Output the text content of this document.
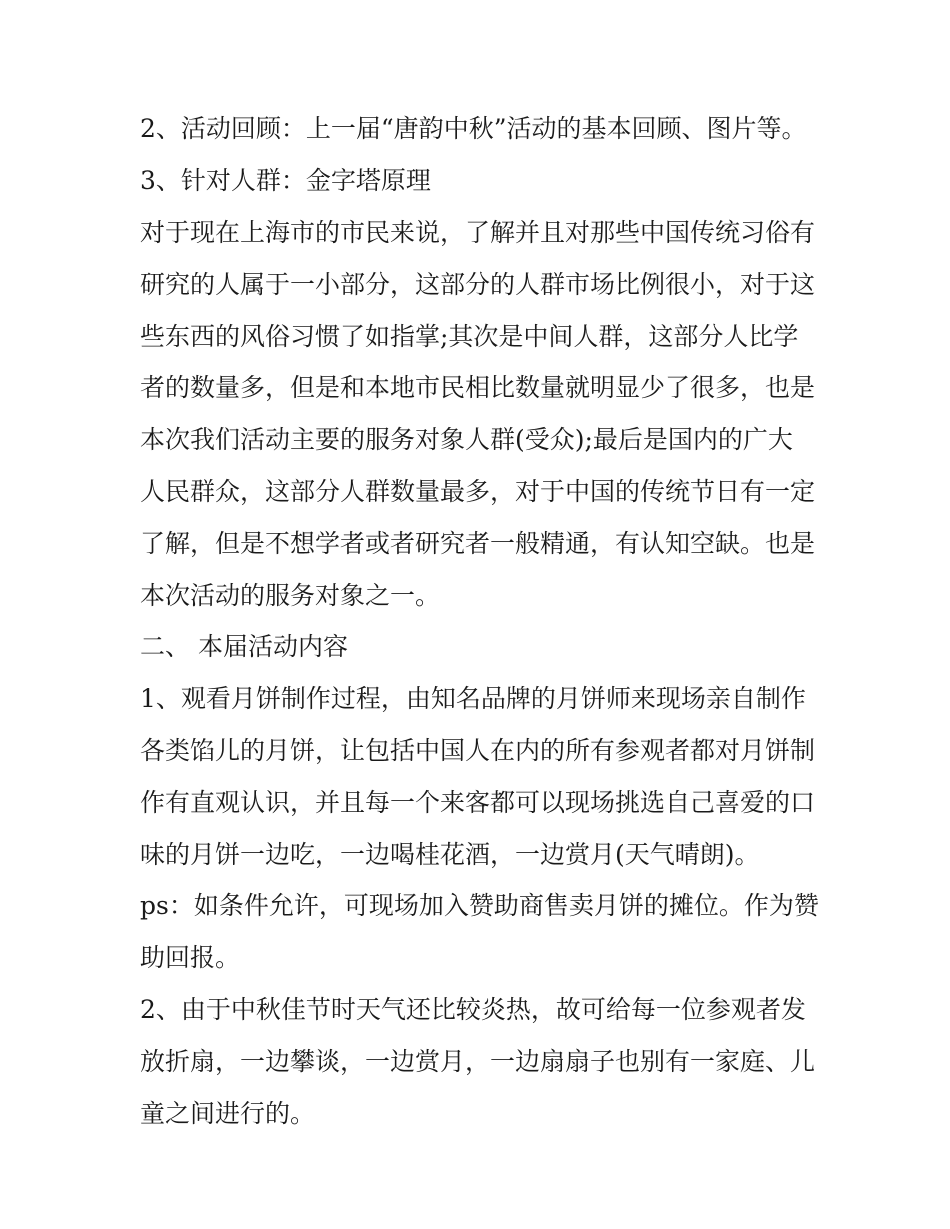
2、活动回顾：上一届“唐韵中秋”活动的基本回顾、图片等。
3、针对人群：金字塔原理
对于现在上海市的市民来说，了解并且对那些中国传统习俗有
研究的人属于一小部分，这部分的人群市场比例很小，对于这
些东西的风俗习惯了如指掌;其次是中间人群，这部分人比学
者的数量多，但是和本地市民相比数量就明显少了很多，也是
本次我们活动主要的服务对象人群(受众);最后是国内的广大
人民群众，这部分人群数量最多，对于中国的传统节日有一定
了解，但是不想学者或者研究者一般精通，有认知空缺。也是
本次活动的服务对象之一。
二、 本届活动内容
1、观看月饼制作过程，由知名品牌的月饼师来现场亲自制作
各类馅儿的月饼，让包括中国人在内的所有参观者都对月饼制
作有直观认识，并且每一个来客都可以现场挑选自己喜爱的口
味的月饼一边吃，一边喝桂花酒，一边赏月(天气晴朗)。
ps：如条件允许，可现场加入赞助商售卖月饼的摊位。作为赞
助回报。
2、由于中秋佳节时天气还比较炎热，故可给每一位参观者发
放折扇，一边攀谈，一边赏月，一边扇扇子也别有一家庭、儿
童之间进行的。
